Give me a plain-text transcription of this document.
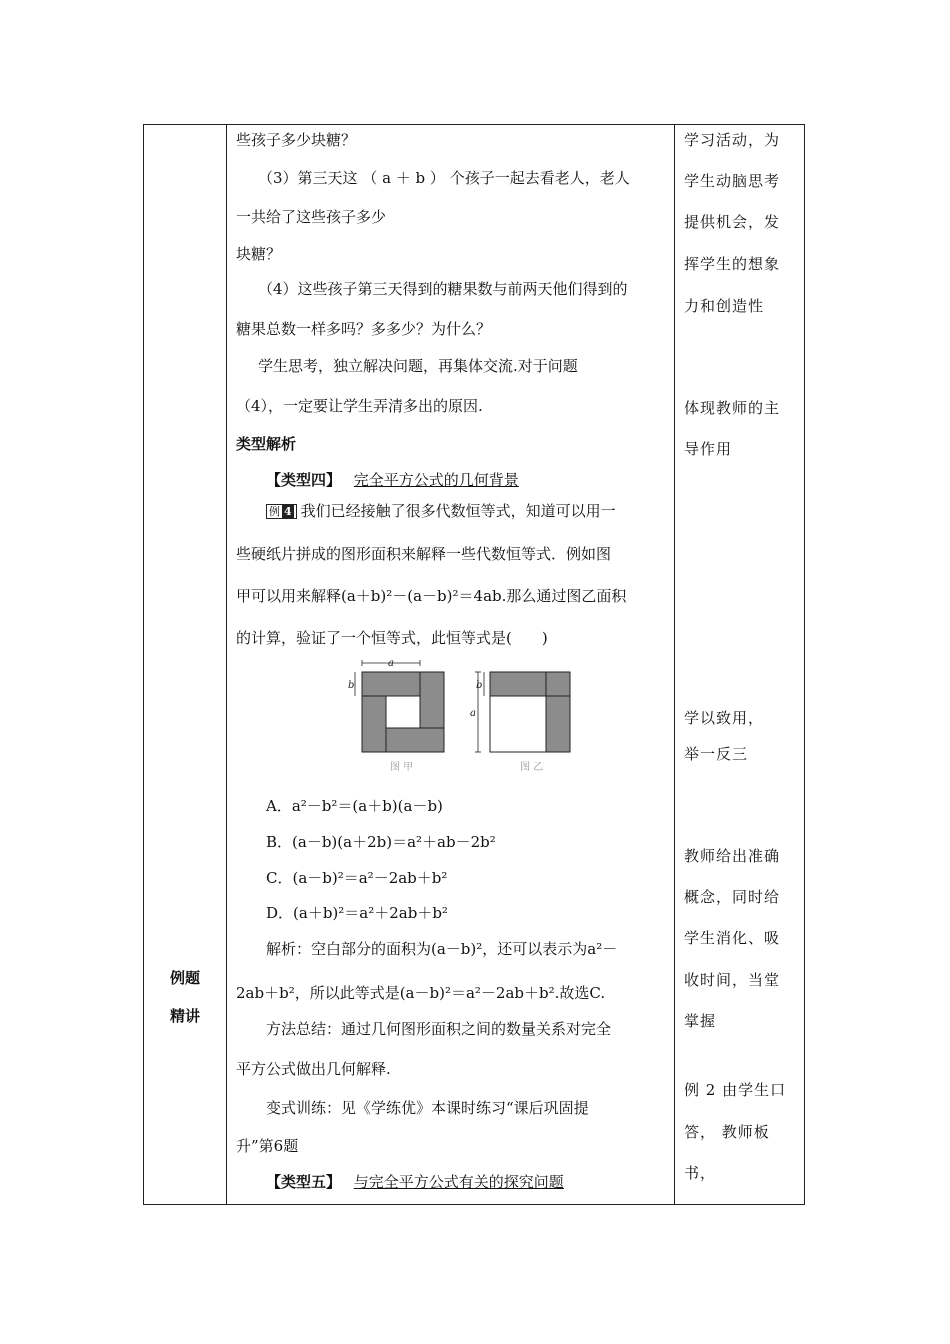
例题
精讲
些孩子多少块糖？
（3）第三天这 （ a ＋ b ） 个孩子一起去看老人，老人
一共给了这些孩子多少
块糖？
（4）这些孩子第三天得到的糖果数与前两天他们得到的
糖果总数一样多吗？多多少？为什么？
学生思考，独立解决问题，再集体交流.对于问题
（4），一定要让学生弄清多出的原因.
类型解析
【类型四】 完全平方公式的几何背景
例 4 我们已经接触了很多代数恒等式，知道可以用一
些硬纸片拼成的图形面积来解释一些代数恒等式．例如图
甲可以用来解释(a＋b)²－(a－b)²＝4ab.那么通过图乙面积
的计算，验证了一个恒等式，此恒等式是(　　)
a
b
图 甲
a
b
图 乙
A．a²－b²＝(a＋b)(a－b)
B．(a－b)(a＋2b)＝a²＋ab－2b²
C．(a－b)²＝a²－2ab＋b²
D．(a＋b)²＝a²＋2ab＋b²
解析：空白部分的面积为(a－b)²，还可以表示为a²－
2ab＋b²，所以此等式是(a－b)²＝a²－2ab＋b².故选C.
方法总结：通过几何图形面积之间的数量关系对完全
平方公式做出几何解释.
变式训练：见《学练优》本课时练习“课后巩固提
升”第6题
【类型五】 与完全平方公式有关的探究问题
学习活动，为
学生动脑思考
提供机会，发
挥学生的想象
力和创造性
体现教师的主
导作用
学以致用，
举一反三
教师给出准确
概念，同时给
学生消化、吸
收时间，当堂
掌握
例 2 由学生口
答， 教师板
书，
